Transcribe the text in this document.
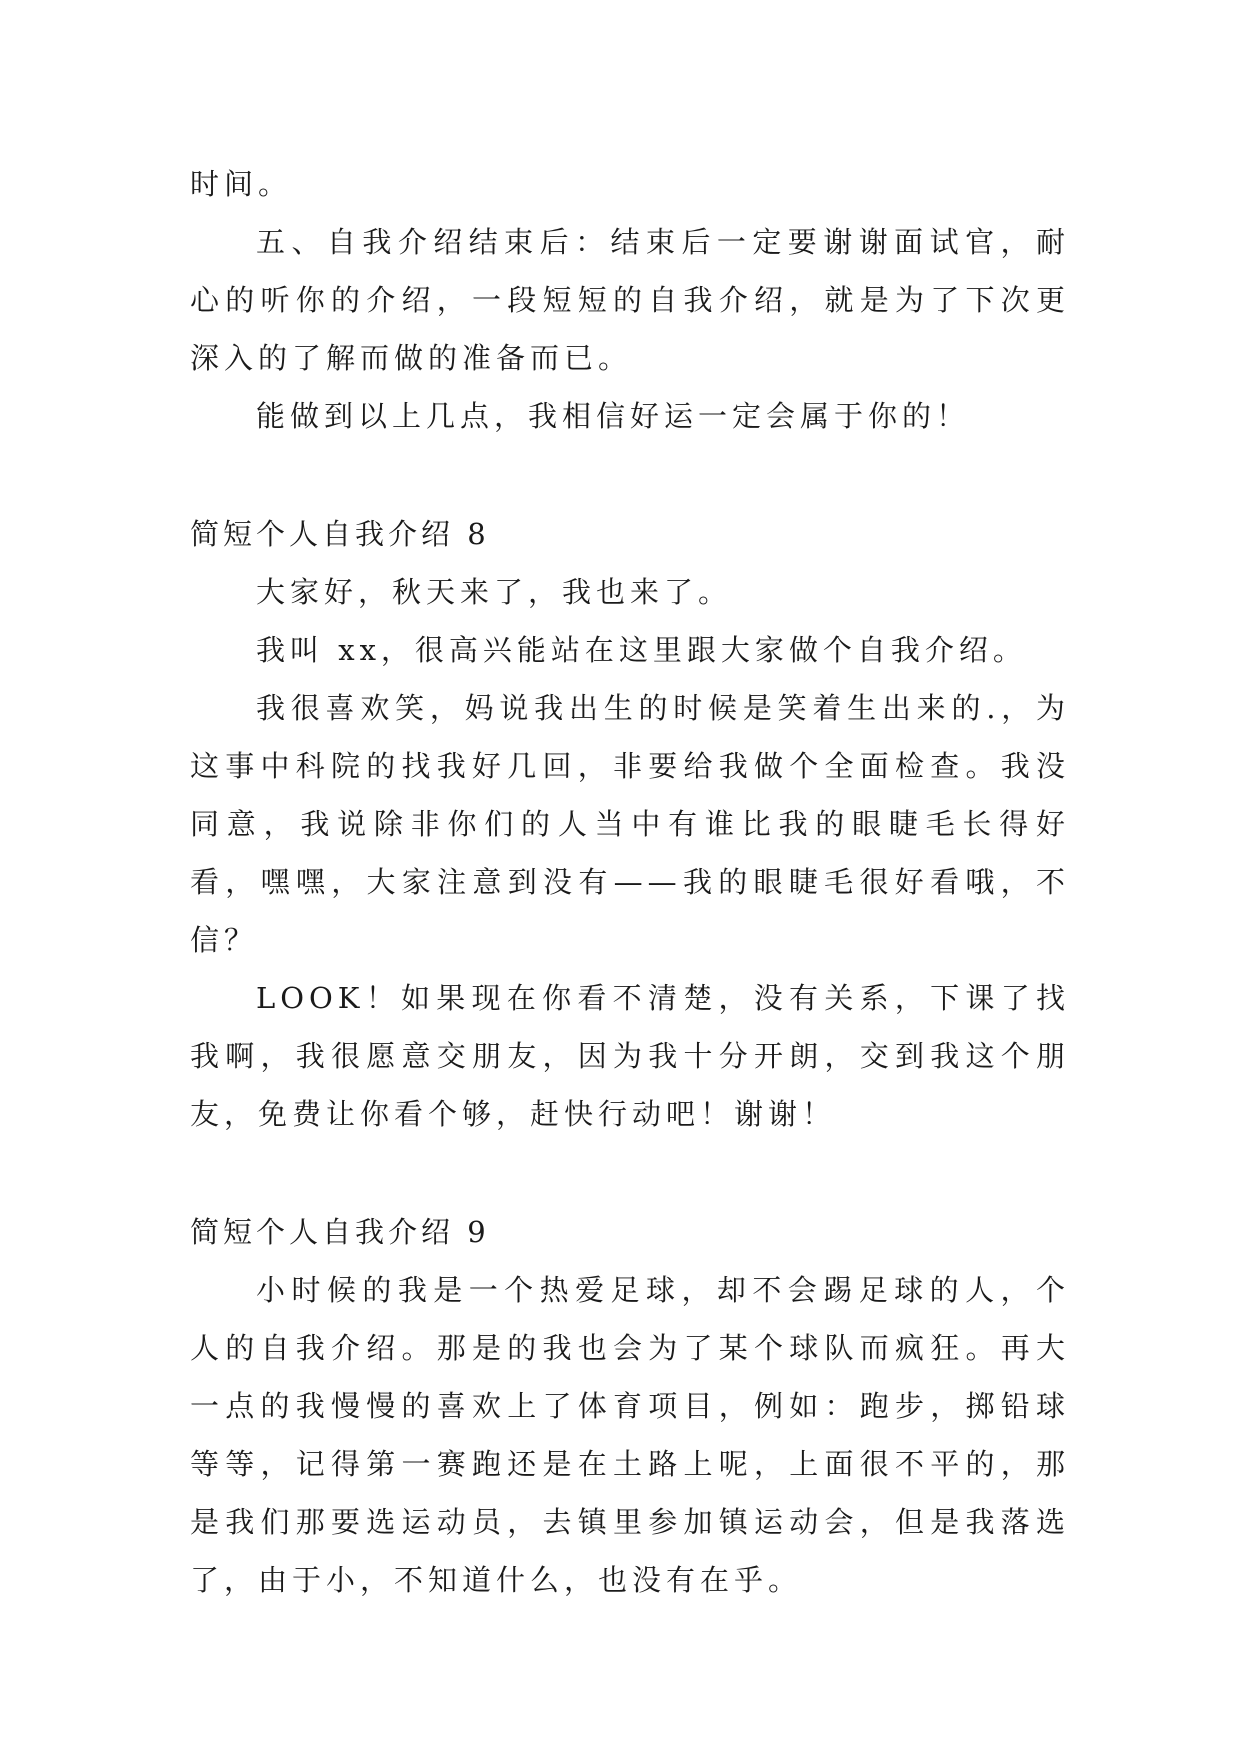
时间。

五、自我介绍结束后：结束后一定要谢谢面试官，耐心的听你的介绍，一段短短的自我介绍，就是为了下次更深入的了解而做的准备而已。

能做到以上几点，我相信好运一定会属于你的！

简短个人自我介绍 8

大家好，秋天来了，我也来了。

我叫 xx，很高兴能站在这里跟大家做个自我介绍。

我很喜欢笑，妈说我出生的时候是笑着生出来的.，为这事中科院的找我好几回，非要给我做个全面检查。我没同意，我说除非你们的人当中有谁比我的眼睫毛长得好看，嘿嘿，大家注意到没有——我的眼睫毛很好看哦，不信？

LOOK！如果现在你看不清楚，没有关系，下课了找我啊，我很愿意交朋友，因为我十分开朗，交到我这个朋友，免费让你看个够，赶快行动吧！谢谢！

简短个人自我介绍 9

小时候的我是一个热爱足球，却不会踢足球的人，个人的自我介绍。那是的我也会为了某个球队而疯狂。再大一点的我慢慢的喜欢上了体育项目，例如：跑步，掷铅球等等，记得第一赛跑还是在土路上呢，上面很不平的，那是我们那要选运动员，去镇里参加镇运动会，但是我落选了，由于小，不知道什么，也没有在乎。
